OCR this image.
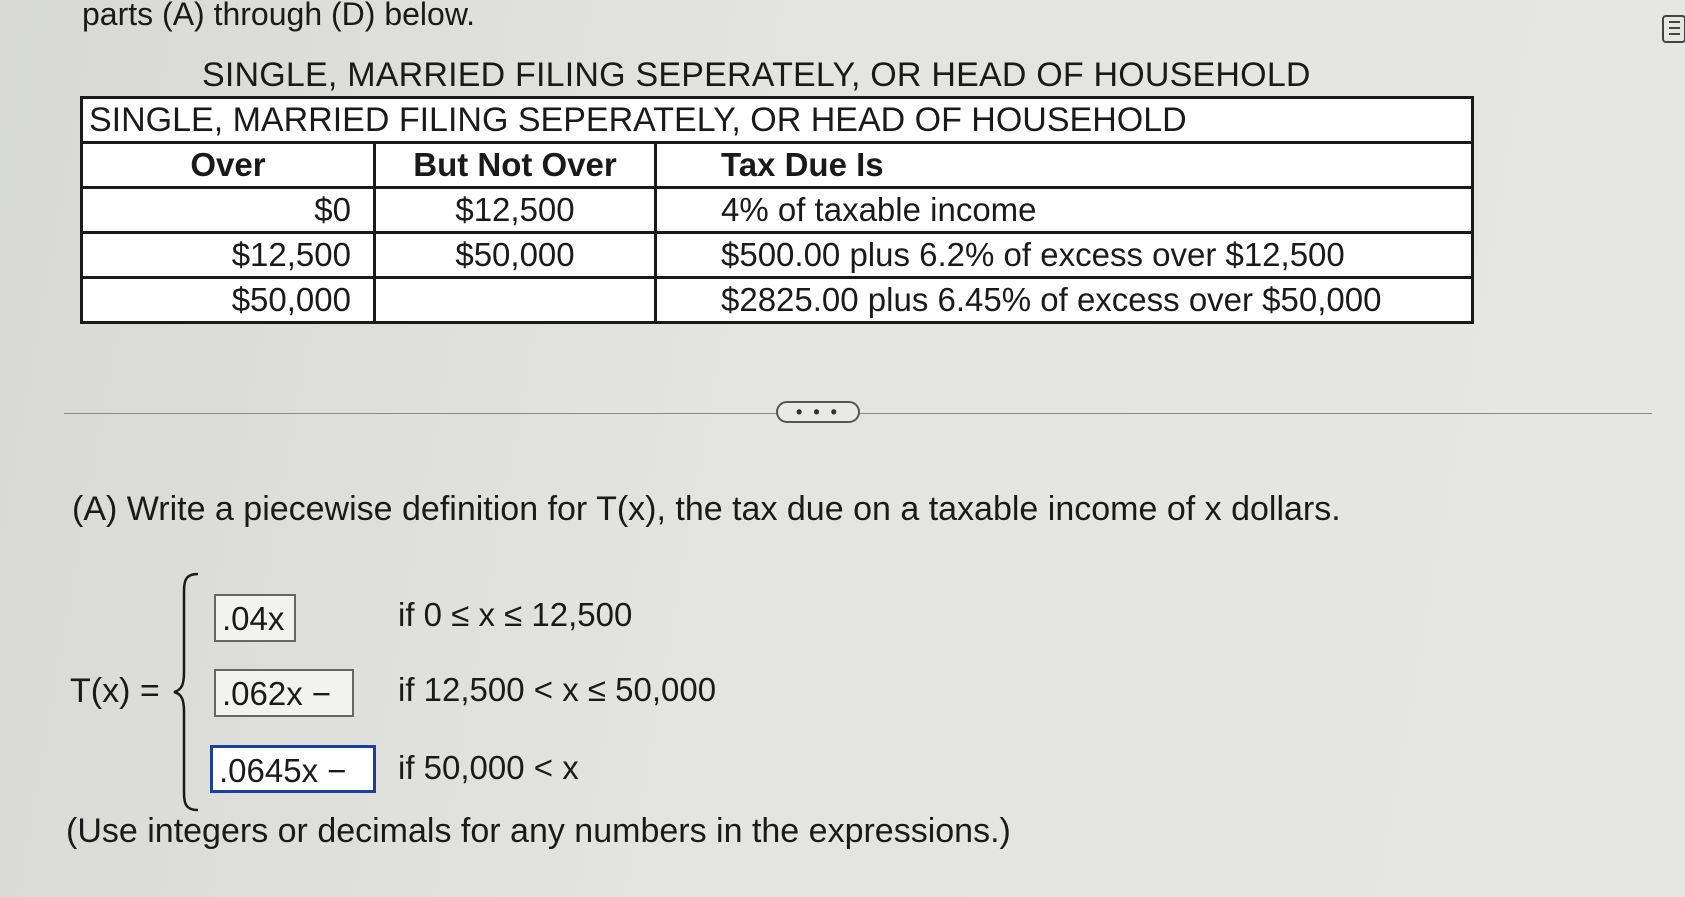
parts (A) through (D) below.
SINGLE, MARRIED FILING SEPERATELY, OR HEAD OF HOUSEHOLD
SINGLE, MARRIED FILING SEPERATELY, OR HEAD OF HOUSEHOLD		
Over	But Not Over	Tax Due Is
$0	$12,500	4% of taxable income
$12,500	$50,000	$500.00 plus 6.2% of excess over $12,500
$50,000		$2825.00 plus 6.45% of excess over $50,000
• • •
(A) Write a piecewise definition for T(x), the tax due on a taxable income of x dollars.
T(x) =
.04x
.062x −
.0645x −
if 0 ≤ x ≤ 12,500
if 12,500 < x ≤ 50,000
if 50,000 < x
(Use integers or decimals for any numbers in the expressions.)
